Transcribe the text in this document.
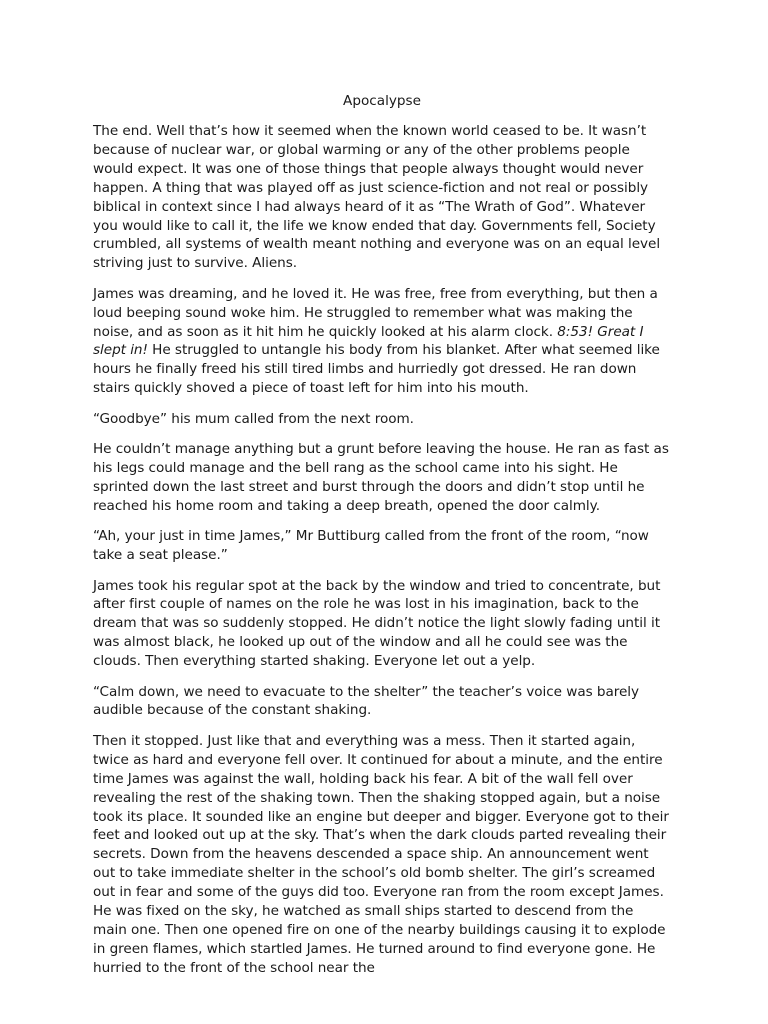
Apocalypse

The end. Well that’s how it seemed when the known world ceased to be. It wasn’t because of nuclear war, or global warming or any of the other problems people would expect. It was one of those things that people always thought would never happen. A thing that was played off as just science-fiction and not real or possibly biblical in context since I had always heard of it as “The Wrath of God”. Whatever you would like to call it, the life we know ended that day. Governments fell, Society crumbled, all systems of wealth meant nothing and everyone was on an equal level striving just to survive. Aliens.

James was dreaming, and he loved it. He was free, free from everything, but then a loud beeping sound woke him. He struggled to remember what was making the noise, and as soon as it hit him he quickly looked at his alarm clock. 8:53! Great I slept in! He struggled to untangle his body from his blanket. After what seemed like hours he finally freed his still tired limbs and hurriedly got dressed. He ran down stairs quickly shoved a piece of toast left for him into his mouth.

“Goodbye” his mum called from the next room.

He couldn’t manage anything but a grunt before leaving the house. He ran as fast as his legs could manage and the bell rang as the school came into his sight. He sprinted down the last street and burst through the doors and didn’t stop until he reached his home room and taking a deep breath, opened the door calmly.

“Ah, your just in time James,” Mr Buttiburg called from the front of the room, “now take a seat please.”

James took his regular spot at the back by the window and tried to concentrate, but after first couple of names on the role he was lost in his imagination, back to the dream that was so suddenly stopped. He didn’t notice the light slowly fading until it was almost black, he looked up out of the window and all he could see was the clouds. Then everything started shaking. Everyone let out a yelp.

“Calm down, we need to evacuate to the shelter” the teacher’s voice was barely audible because of the constant shaking.

Then it stopped. Just like that and everything was a mess. Then it started again, twice as hard and everyone fell over. It continued for about a minute, and the entire time James was against the wall, holding back his fear. A bit of the wall fell over revealing the rest of the shaking town. Then the shaking stopped again, but a noise took its place. It sounded like an engine but deeper and bigger. Everyone got to their feet and looked out up at the sky. That’s when the dark clouds parted revealing their secrets. Down from the heavens descended a space ship. An announcement went out to take immediate shelter in the school’s old bomb shelter. The girl’s screamed out in fear and some of the guys did too. Everyone ran from the room except James. He was fixed on the sky, he watched as small ships started to descend from the main one. Then one opened fire on one of the nearby buildings causing it to explode in green flames, which startled James. He turned around to find everyone gone. He hurried to the front of the school near the
